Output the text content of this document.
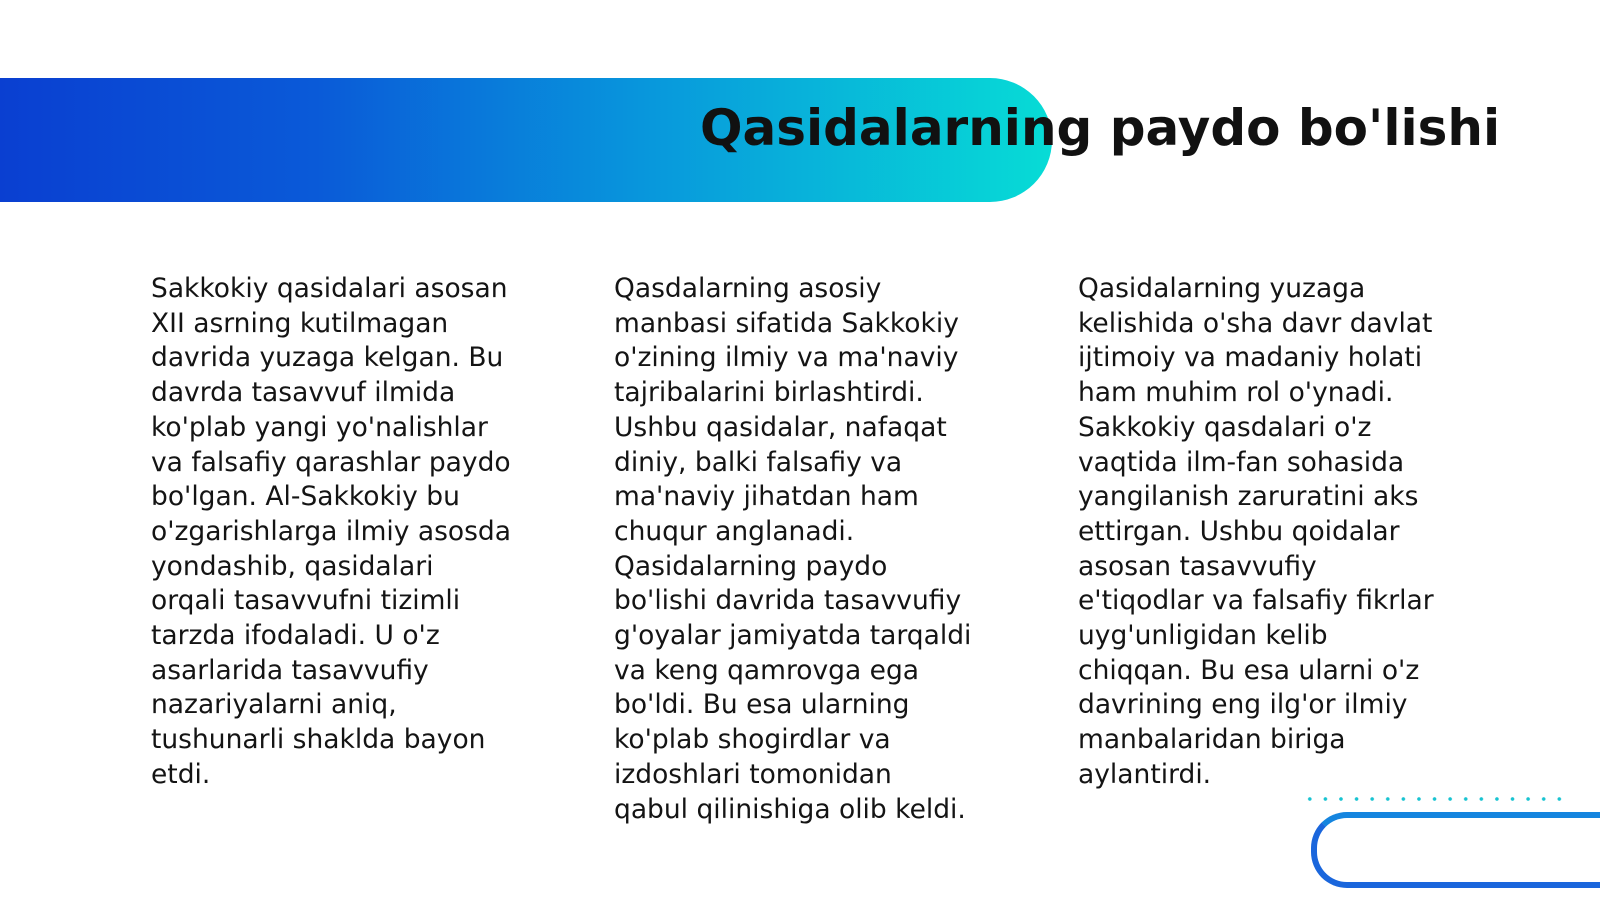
Qasidalarning paydo bo'lishi

Sakkokiy qasidalari asosan
XII asrning kutilmagan
davrida yuzaga kelgan. Bu
davrda tasavvuf ilmida
ko'plab yangi yo'nalishlar
va falsafiy qarashlar paydo
bo'lgan. Al-Sakkokiy bu
o'zgarishlarga ilmiy asosda
yondashib, qasidalari
orqali tasavvufni tizimli
tarzda ifodaladi. U o'z
asarlarida tasavvufiy
nazariyalarni aniq,
tushunarli shaklda bayon
etdi.

Qasdalarning asosiy
manbasi sifatida Sakkokiy
o'zining ilmiy va ma'naviy
tajribalarini birlashtirdi.
Ushbu qasidalar, nafaqat
diniy, balki falsafiy va
ma'naviy jihatdan ham
chuqur anglanadi.
Qasidalarning paydo
bo'lishi davrida tasavvufiy
g'oyalar jamiyatda tarqaldi
va keng qamrovga ega
bo'ldi. Bu esa ularning
ko'plab shogirdlar va
izdoshlari tomonidan
qabul qilinishiga olib keldi.

Qasidalarning yuzaga
kelishida o'sha davr davlat
ijtimoiy va madaniy holati
ham muhim rol o'ynadi.
Sakkokiy qasdalari o'z
vaqtida ilm-fan sohasida
yangilanish zaruratini aks
ettirgan. Ushbu qoidalar
asosan tasavvufiy
e'tiqodlar va falsafiy fikrlar
uyg'unligidan kelib
chiqqan. Bu esa ularni o'z
davrining eng ilg'or ilmiy
manbalaridan biriga
aylantirdi.
